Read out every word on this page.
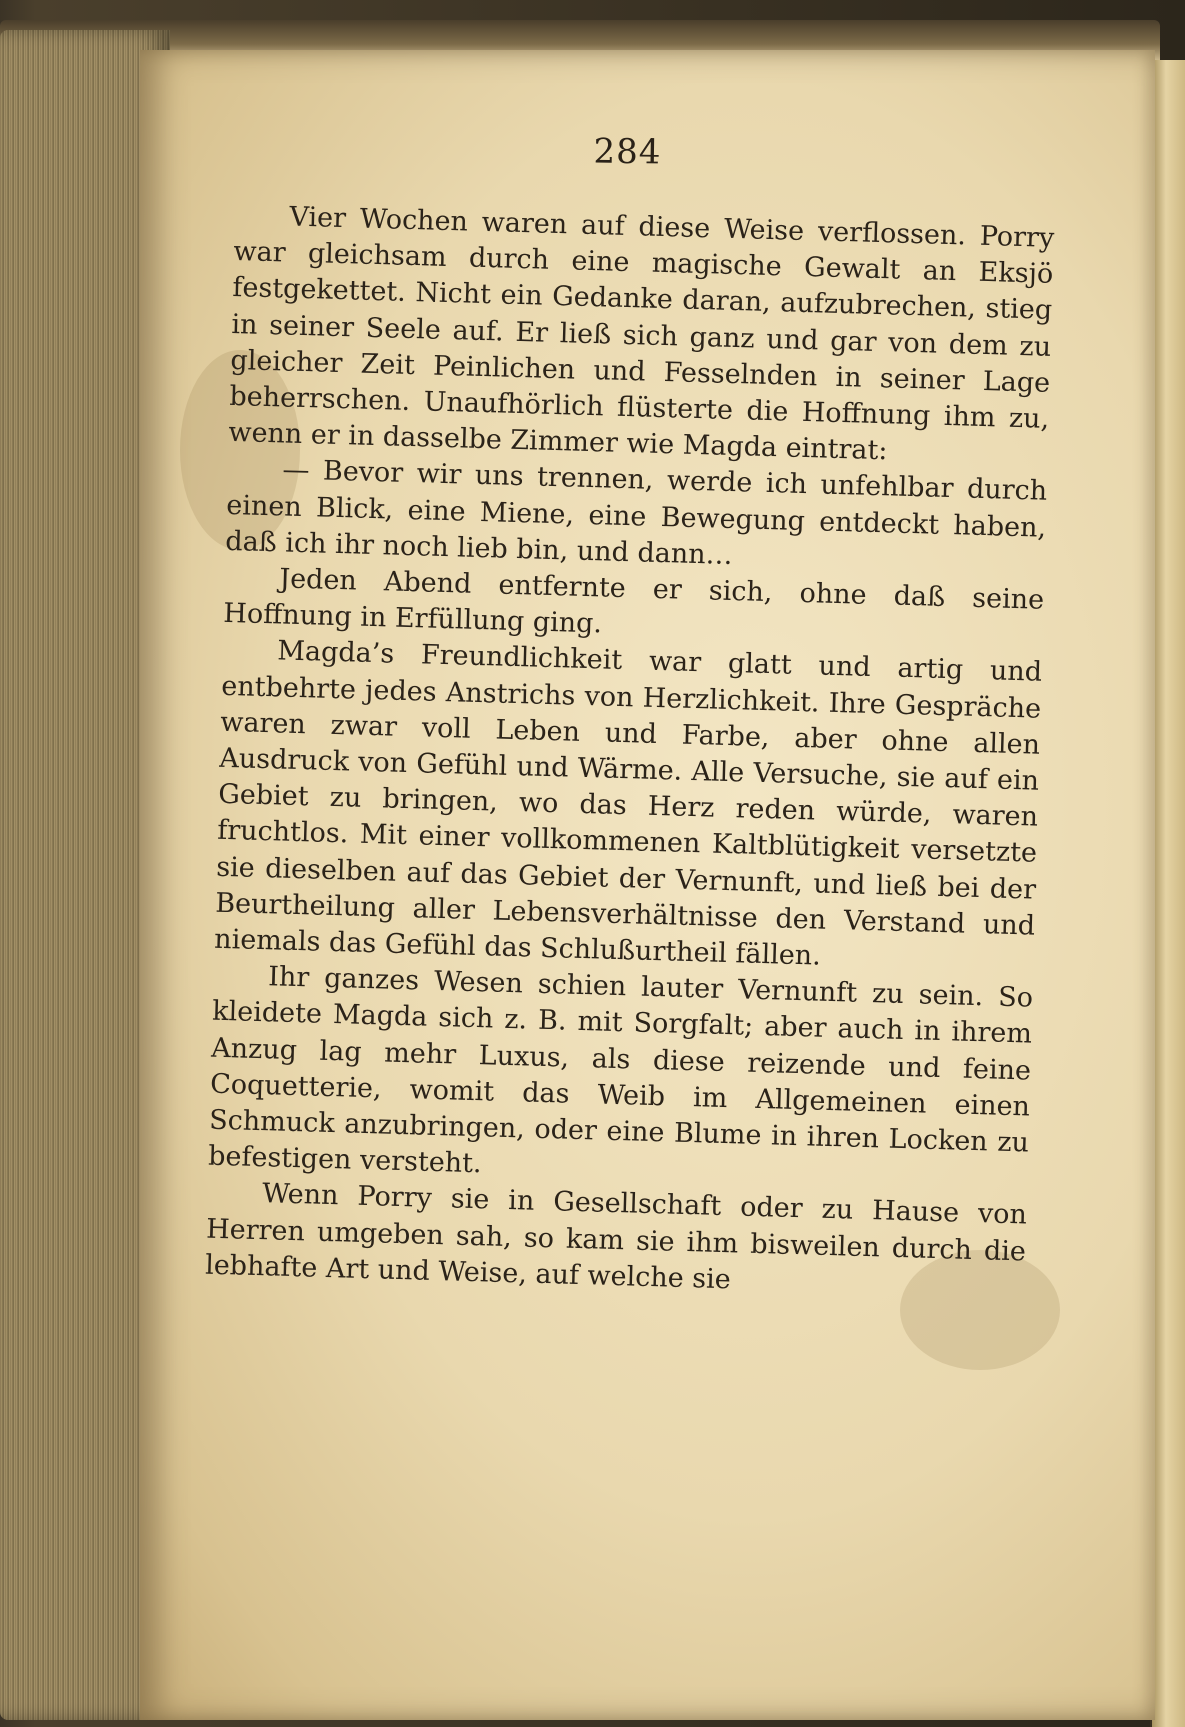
284

Vier Wochen waren auf diese Weise verflossen. Porry war gleichsam durch eine magische Gewalt an Eksjö festgekettet. Nicht ein Gedanke daran, aufzubrechen, stieg in seiner Seele auf. Er ließ sich ganz und gar von dem zu gleicher Zeit Peinlichen und Fesselnden in seiner Lage beherrschen. Unaufhörlich flüsterte die Hoffnung ihm zu, wenn er in dasselbe Zimmer wie Magda eintrat:

— Bevor wir uns trennen, werde ich unfehlbar durch einen Blick, eine Miene, eine Bewegung entdeckt haben, daß ich ihr noch lieb bin, und dann…

Jeden Abend entfernte er sich, ohne daß seine Hoffnung in Erfüllung ging.

Magda’s Freundlichkeit war glatt und artig und entbehrte jedes Anstrichs von Herzlichkeit. Ihre Gespräche waren zwar voll Leben und Farbe, aber ohne allen Ausdruck von Gefühl und Wärme. Alle Versuche, sie auf ein Gebiet zu bringen, wo das Herz reden würde, waren fruchtlos. Mit einer vollkommenen Kaltblütigkeit versetzte sie dieselben auf das Gebiet der Vernunft, und ließ bei der Beurtheilung aller Lebensverhältnisse den Verstand und niemals das Gefühl das Schlußurtheil fällen.

Ihr ganzes Wesen schien lauter Vernunft zu sein. So kleidete Magda sich z. B. mit Sorgfalt; aber auch in ihrem Anzug lag mehr Luxus, als diese reizende und feine Coquetterie, womit das Weib im Allgemeinen einen Schmuck anzubringen, oder eine Blume in ihren Locken zu befestigen versteht.

Wenn Porry sie in Gesellschaft oder zu Hause von Herren umgeben sah, so kam sie ihm bisweilen durch die lebhafte Art und Weise, auf welche sie
